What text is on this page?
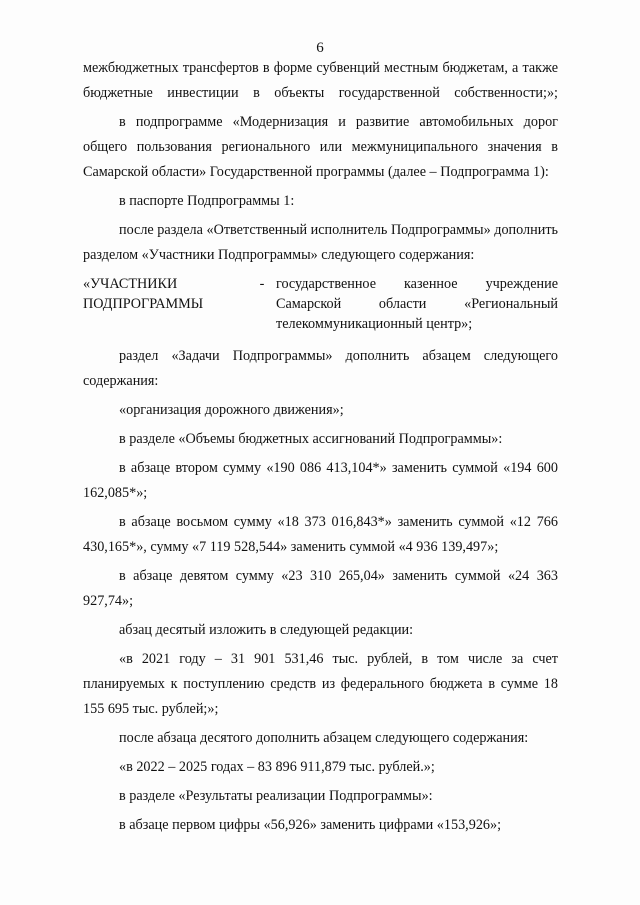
6

межбюджетных трансфертов в форме субвенций местным бюджетам, а также бюджетные инвестиции в объекты государственной собственности;»;

в подпрограмме «Модернизация и развитие автомобильных дорог общего пользования регионального или межмуниципального значения в Самарской области» Государственной программы (далее – Подпрограмма 1):

в паспорте Подпрограммы 1:

после раздела «Ответственный исполнитель Подпрограммы» дополнить разделом «Участники Подпрограммы» следующего содержания:

«УЧАСТНИКИ ПОДПРОГРАММЫ
- государственное казенное учреждение Самарской области «Региональный телекоммуникационный центр»;

раздел «Задачи Подпрограммы» дополнить абзацем следующего содержания:

«организация дорожного движения»;

в разделе «Объемы бюджетных ассигнований Подпрограммы»:

в абзаце втором сумму «190 086 413,104*» заменить суммой «194 600 162,085*»;

в абзаце восьмом сумму «18 373 016,843*» заменить суммой «12 766 430,165*», сумму «7 119 528,544» заменить суммой «4 936 139,497»;

в абзаце девятом сумму «23 310 265,04» заменить суммой «24 363 927,74»;

абзац десятый изложить в следующей редакции:

«в 2021 году – 31 901 531,46 тыс. рублей, в том числе за счет планируемых к поступлению средств из федерального бюджета в сумме 18 155 695 тыс. рублей;»;

после абзаца десятого дополнить абзацем следующего содержания:

«в 2022 – 2025 годах – 83 896 911,879 тыс. рублей.»;

в разделе «Результаты реализации Подпрограммы»:

в абзаце первом цифры «56,926» заменить цифрами «153,926»;
